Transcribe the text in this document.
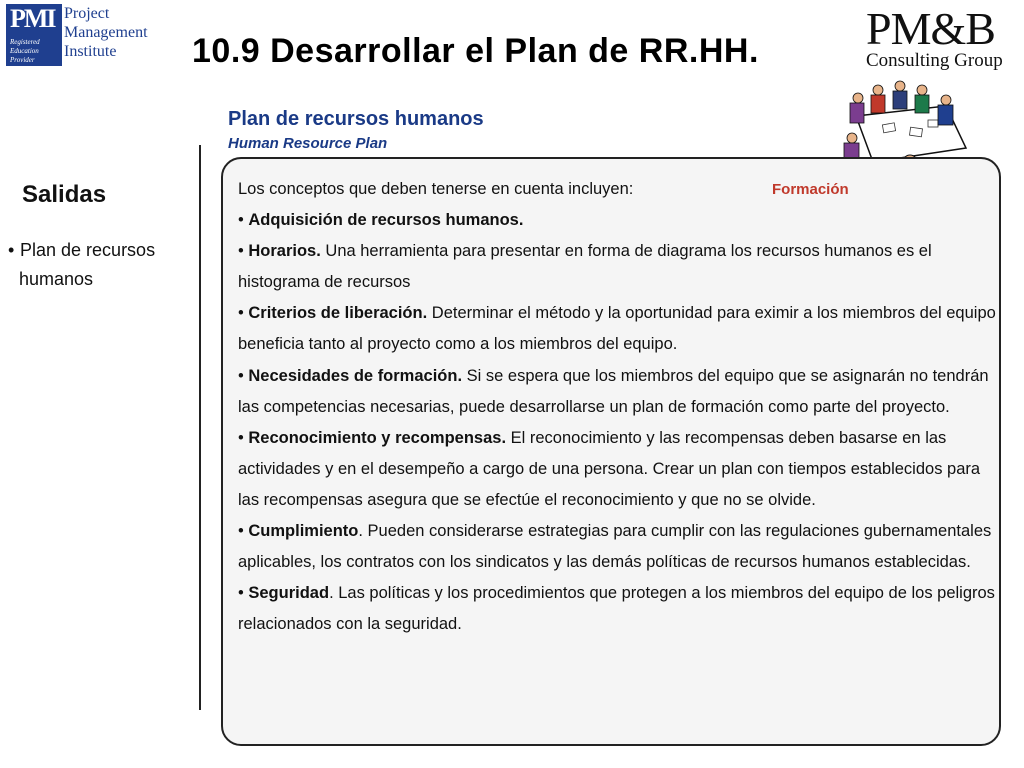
PMI
Registered
Education
Provider
Project
Management
Institute	10.9 Desarrollar el Plan de RR.HH. PM&B
Consulting Group
Plan de recursos humanos
Human Resource Plan
Salidas
• Plan de recursos
humanos

Los conceptos que deben tenerse en cuenta incluyen:

• Adquisición de recursos humanos.

• Horarios. Una herramienta para presentar en forma de diagrama los recursos humanos es el histograma de recursos

• Criterios de liberación. Determinar el método y la oportunidad para eximir a los miembros del equipo beneficia tanto al proyecto como a los miembros del equipo.

• Necesidades de formación. Si se espera que los miembros del equipo que se asignarán no tendrán las competencias necesarias, puede desarrollarse un plan de formación como parte del proyecto.

• Reconocimiento y recompensas. El reconocimiento y las recompensas deben basarse en las actividades y en el desempeño a cargo de una persona. Crear un plan con tiempos establecidos para las recompensas asegura que se efectúe el reconocimiento y que no se olvide.

• Cumplimiento. Pueden considerarse estrategias para cumplir con las regulaciones gubernamentales aplicables, los contratos con los sindicatos y las demás políticas de recursos humanos establecidas.

• Seguridad. Las políticas y los procedimientos que protegen a los miembros del equipo de los peligros relacionados con la seguridad.

Formación
